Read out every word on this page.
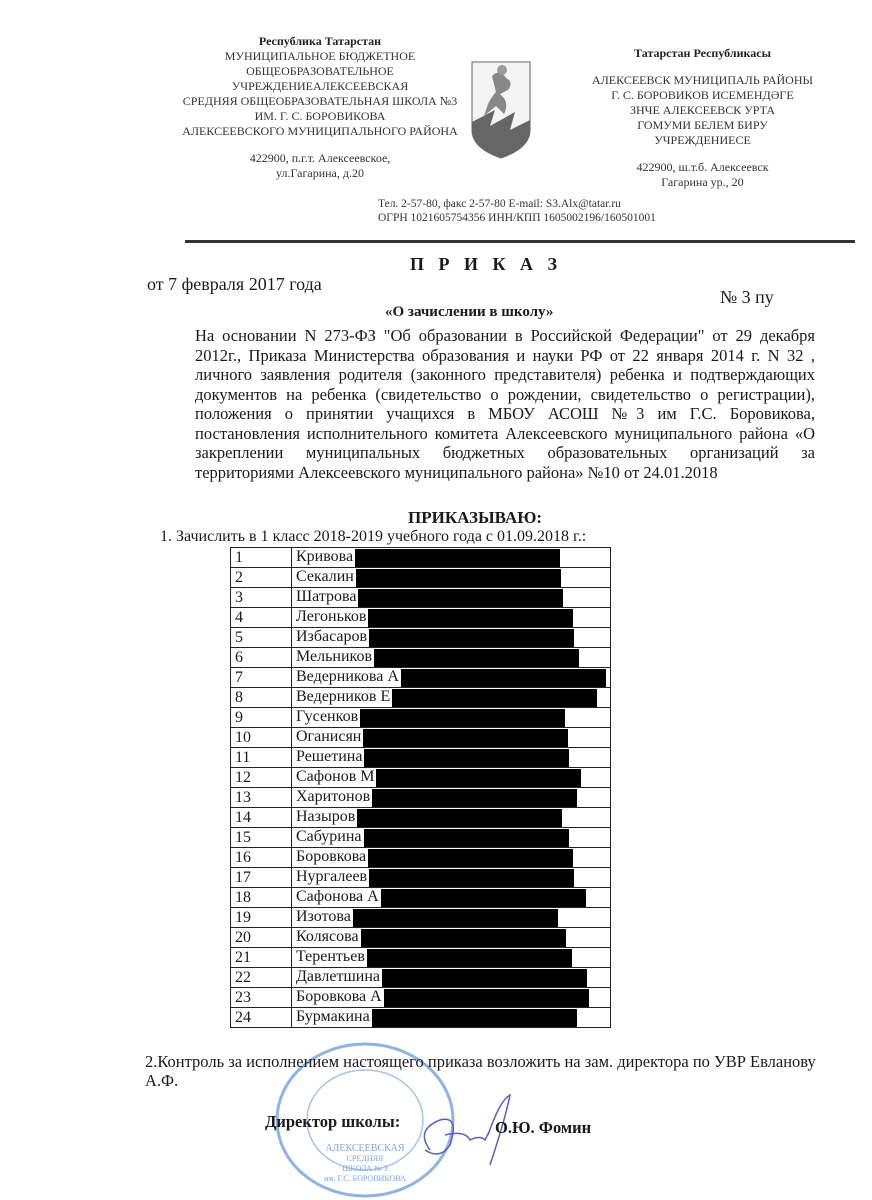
Республика Татарстан
МУНИЦИПАЛЬНОЕ БЮДЖЕТНОЕ
ОБЩЕОБРАЗОВАТЕЛЬНОЕ
УЧРЕЖДЕНИЕАЛЕКСЕЕВСКАЯ
СРЕДНЯЯ ОБЩЕОБРАЗОВАТЕЛЬНАЯ ШКОЛА №3
ИМ. Г. С. БОРОВИКОВА
АЛЕКСЕЕВСКОГО МУНИЦИПАЛЬНОГО РАЙОНА
422900, п.г.т. Алексеевское,
ул.Гагарина, д.20
Татарстан Республикасы
АЛЕКСЕЕВСК МУНИЦИПАЛЬ РАЙОНЫ
Г. С. БОРОВИКОВ ИСЕМЕНДӘГЕ
ЗНЧЕ АЛЕКСЕЕВСК УРТА
ГОМУМИ БЕЛЕМ БИРУ
УЧРЕЖДЕНИЕСЕ
422900, ш.т.б. Алексеевск
Гагарина ур., 20
Тел. 2-57-80, факс 2-57-80 E-mail: S3.Alx@tatar.ru
ОГРН 1021605754356 ИНН/КПП 1605002196/160501001
П Р И К А З
от 7 февраля 2017 года
№ 3 пу
«О зачислении в школу»
На основании N 273-ФЗ "Об образовании в Российской Федерации" от 29 декабря 2012г., Приказа Министерства образования и науки РФ от 22 января 2014 г. N 32 , личного заявления родителя (законного представителя) ребенка и подтверждающих документов на ребенка (свидетельство о рождении, свидетельство о регистрации), положения о принятии учащихся в МБОУ АСОШ №3 им Г.С. Боровикова, постановления исполнительного комитета Алексеевского муниципального района «О закреплении муниципальных бюджетных образовательных организаций за территориями Алексеевского муниципального района» №10 от 24.01.2018
ПРИКАЗЫВАЮ:
1. Зачислить в 1 класс 2018-2019 учебного года с 01.09.2018 г.:
1	Кривова
2	Секалин
3	Шатрова
4	Легоньков
5	Избасаров
6	Мельников
7	Ведерникова А
8	Ведерников Е
9	Гусенков
10	Оганисян
11	Решетина
12	Сафонов М
13	Харитонов
14	Назыров
15	Сабурина
16	Боровкова
17	Нургалеев
18	Сафонова А
19	Изотова
20	Колясова
21	Терентьев
22	Давлетшина
23	Боровкова А
24	Бурмакина
АЛЕКСЕЕВСКАЯ
СРЕДНЯЯ
ШКОЛА № 3
им. Г.С. БОРОВИКОВА
2.Контроль за исполнением настоящего приказа возложить на зам. директора по УВР Евланову А.Ф.
Директор школы:	О.Ю. Фомин
